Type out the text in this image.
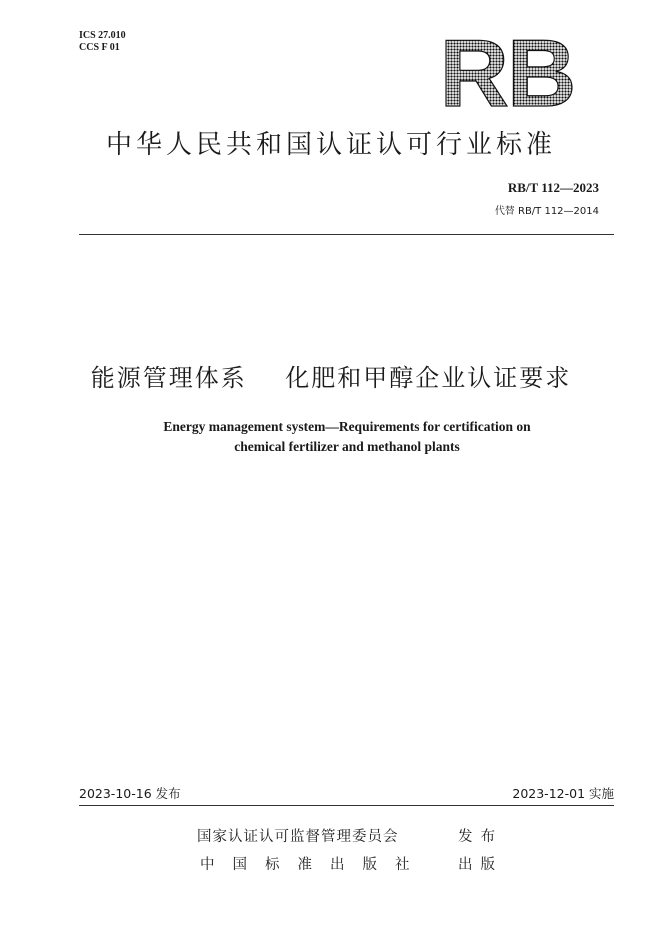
ICS 27.010
CCS F 01	RB
中华人民共和国认证认可行业标准
RB/T 112—2023
代替 RB/T 112—2014
能源管理体系    化肥和甲醇企业认证要求
Energy management system—Requirements for certification on
chemical fertilizer and methanol plants
2023-10-16 发布	2023-12-01 实施
国家认证认可监督管理委员会	发布
中国标准出版社 出版
